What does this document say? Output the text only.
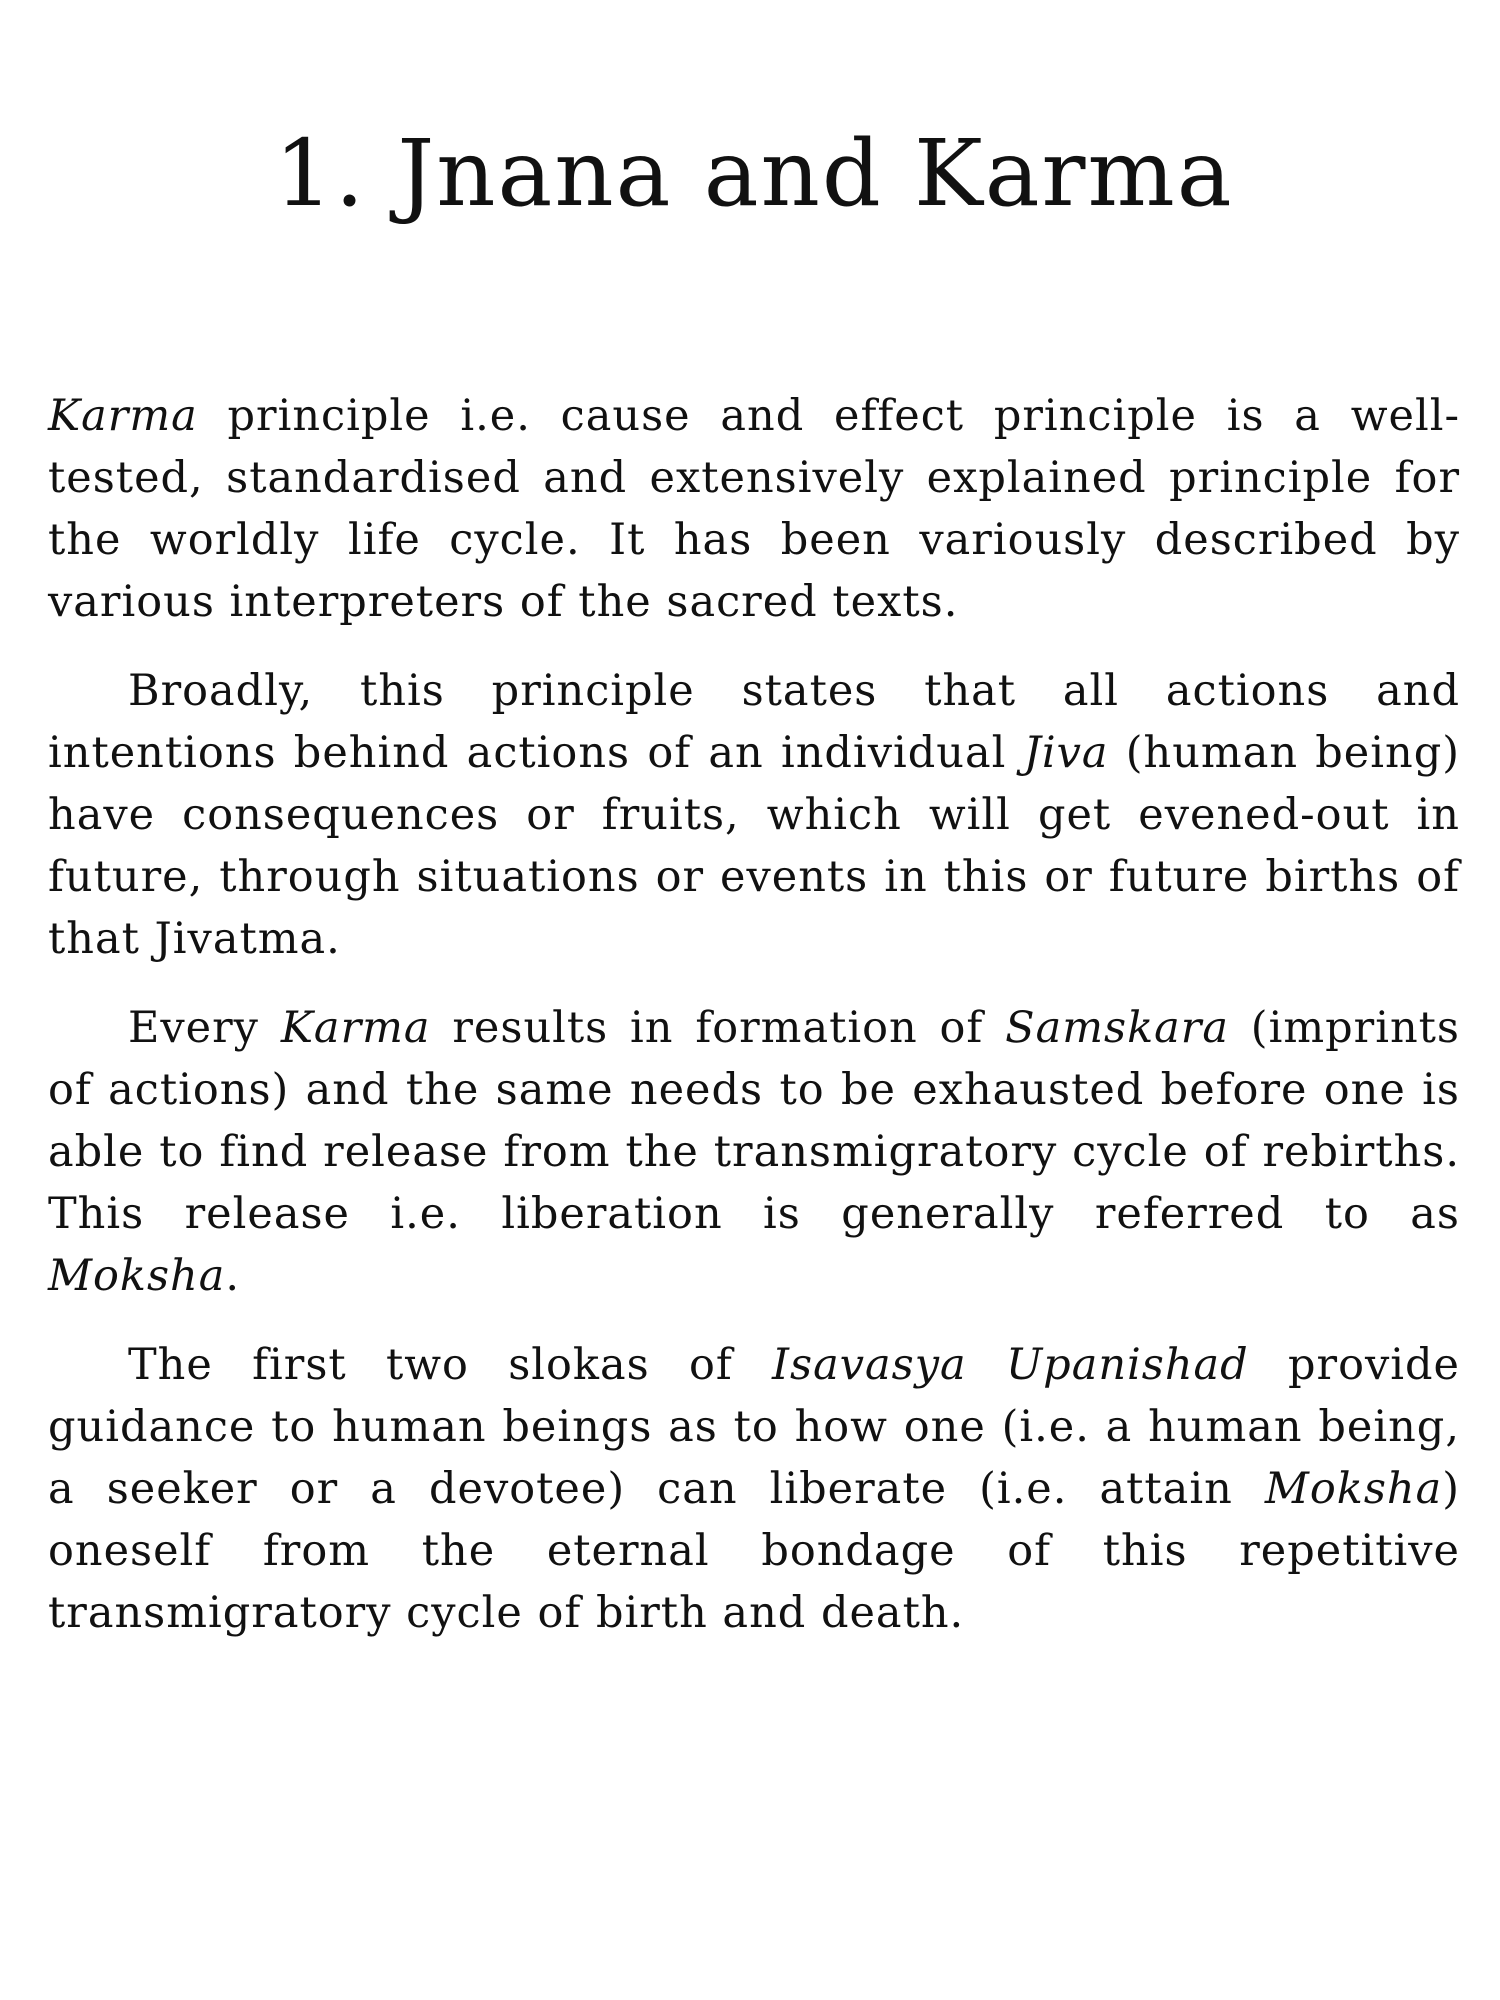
1. Jnana and Karma

Karma principle i.e. cause and effect principle is a well-tested, standardised and extensively explained principle for the worldly life cycle. It has been variously described by various interpreters of the sacred texts.

Broadly, this principle states that all actions and intentions behind actions of an individual Jiva (human being) have consequences or fruits, which will get evened-out in future, through situations or events in this or future births of that Jivatma.

Every Karma results in formation of Samskara (imprints of actions) and the same needs to be exhausted before one is able to find release from the transmigratory cycle of rebirths. This release i.e. liberation is generally referred to as Moksha.

The first two slokas of Isavasya Upanishad provide guidance to human beings as to how one (i.e. a human being, a seeker or a devotee) can liberate (i.e. attain Moksha) oneself from the eternal bondage of this repetitive transmigratory cycle of birth and death.
